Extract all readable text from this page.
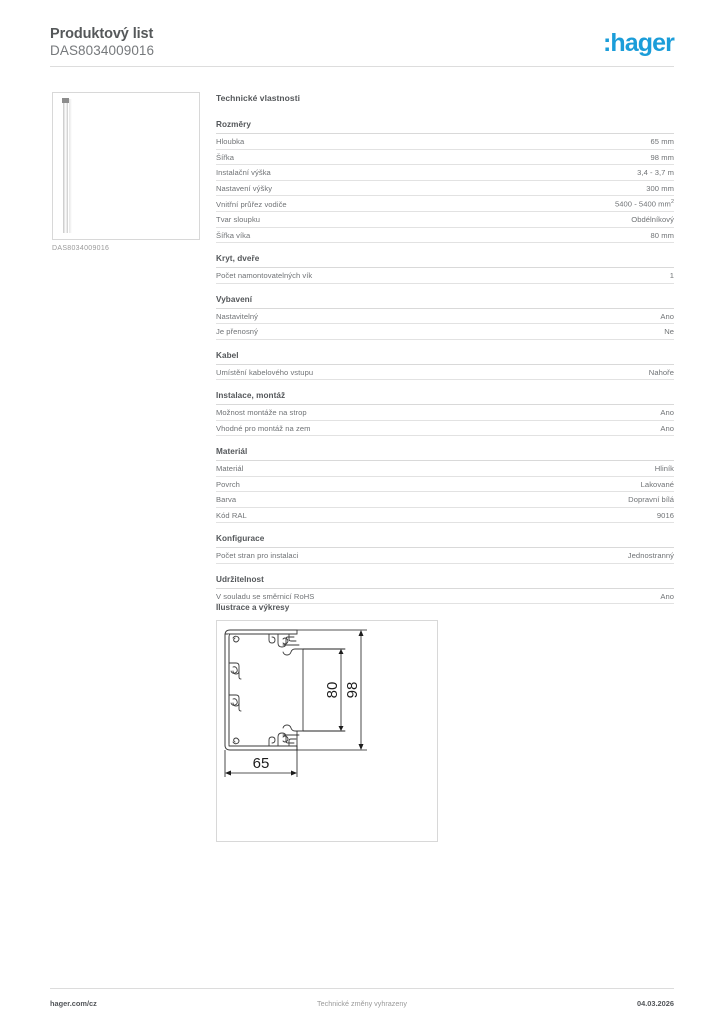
Produktový list
DAS8034009016	:hager
DAS8034009016
Technické vlastnosti
Rozměry
Hloubka	65 mm
Šířka	98 mm
Instalační výška	3,4 - 3,7 m
Nastavení výšky	300 mm
Vnitřní průřez vodiče	5400 - 5400 $mm^2$
Tvar sloupku	Obdélníkový
Šířka víka	80 mm
Kryt, dveře
Počet namontovatelných vík	1
Vybavení
Nastavitelný	Ano
Je přenosný	Ne
Kabel
Umístění kabelového vstupu	Nahoře
Instalace, montáž
Možnost montáže na strop	Ano
Vhodné pro montáž na zem	Ano
Materiál
Materiál	Hliník
Povrch	Lakované
Barva	Dopravní bílá
Kód RAL	9016
Konfigurace
Počet stran pro instalaci	Jednostranný
Udržitelnost
V souladu se směrnicí RoHS	Ano
Ilustrace a výkresy
80 98
65
hager.com/cz	Technické změny vyhrazeny	04.03.2026
